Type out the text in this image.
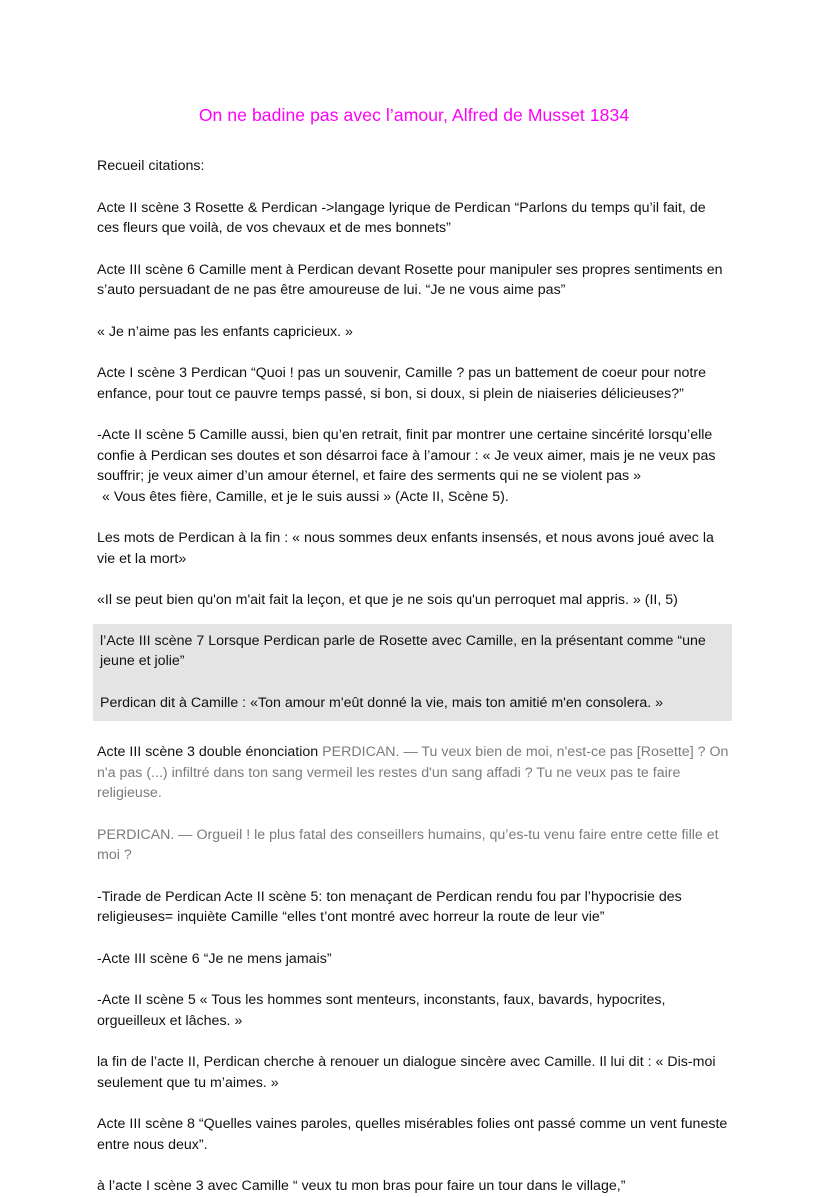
On ne badine pas avec l’amour, Alfred de Musset 1834

Recueil citations:

Acte II scène 3 Rosette & Perdican ->langage lyrique de Perdican “Parlons du temps qu’il fait, de ces fleurs que voilà, de vos chevaux et de mes bonnets”

Acte III scène 6 Camille ment à Perdican devant Rosette pour manipuler ses propres sentiments en s’auto persuadant de ne pas être amoureuse de lui. “Je ne vous aime pas”

« Je n’aime pas les enfants capricieux. »

Acte I scène 3 Perdican “Quoi ! pas un souvenir, Camille ? pas un battement de coeur pour notre enfance, pour tout ce pauvre temps passé, si bon, si doux, si plein de niaiseries délicieuses?”

-Acte II scène 5 Camille aussi, bien qu’en retrait, finit par montrer une certaine sincérité lorsqu’elle confie à Perdican ses doutes et son désarroi face à l’amour : « Je veux aimer, mais je ne veux pas souffrir; je veux aimer d’un amour éternel, et faire des serments qui ne se violent pas »

« Vous êtes fière, Camille, et je le suis aussi » (Acte II, Scène 5).

Les mots de Perdican à la fin : « nous sommes deux enfants insensés, et nous avons joué avec la vie et la mort»

«Il se peut bien qu'on m'ait fait la leçon, et que je ne sois qu'un perroquet mal appris. » (II, 5)

l’Acte III scène 7 Lorsque Perdican parle de Rosette avec Camille, en la présentant comme “une jeune et jolie”

Perdican dit à Camille : «Ton amour m'eût donné la vie, mais ton amitié m'en consolera. »

Acte III scène 3 double énonciation PERDICAN. — Tu veux bien de moi, n'est-ce pas [Rosette] ? On n'a pas (...) infiltré dans ton sang vermeil les restes d'un sang affadi ? Tu ne veux pas te faire religieuse.

PERDICAN. — Orgueil ! le plus fatal des conseillers humains, qu’es-tu venu faire entre cette fille et moi ?

-Tirade de Perdican Acte II scène 5: ton menaçant de Perdican rendu fou par l’hypocrisie des religieuses= inquiète Camille “elles t’ont montré avec horreur la route de leur vie”

-Acte III scène 6 “Je ne mens jamais”

-Acte II scène 5 « Tous les hommes sont menteurs, inconstants, faux, bavards, hypocrites, orgueilleux et lâches. »

la fin de l’acte II, Perdican cherche à renouer un dialogue sincère avec Camille. Il lui dit : « Dis-moi seulement que tu m’aimes. »

Acte III scène 8 “Quelles vaines paroles, quelles misérables folies ont passé comme un vent funeste entre nous deux”.

à l’acte I scène 3 avec Camille “ veux tu mon bras pour faire un tour dans le village,”
